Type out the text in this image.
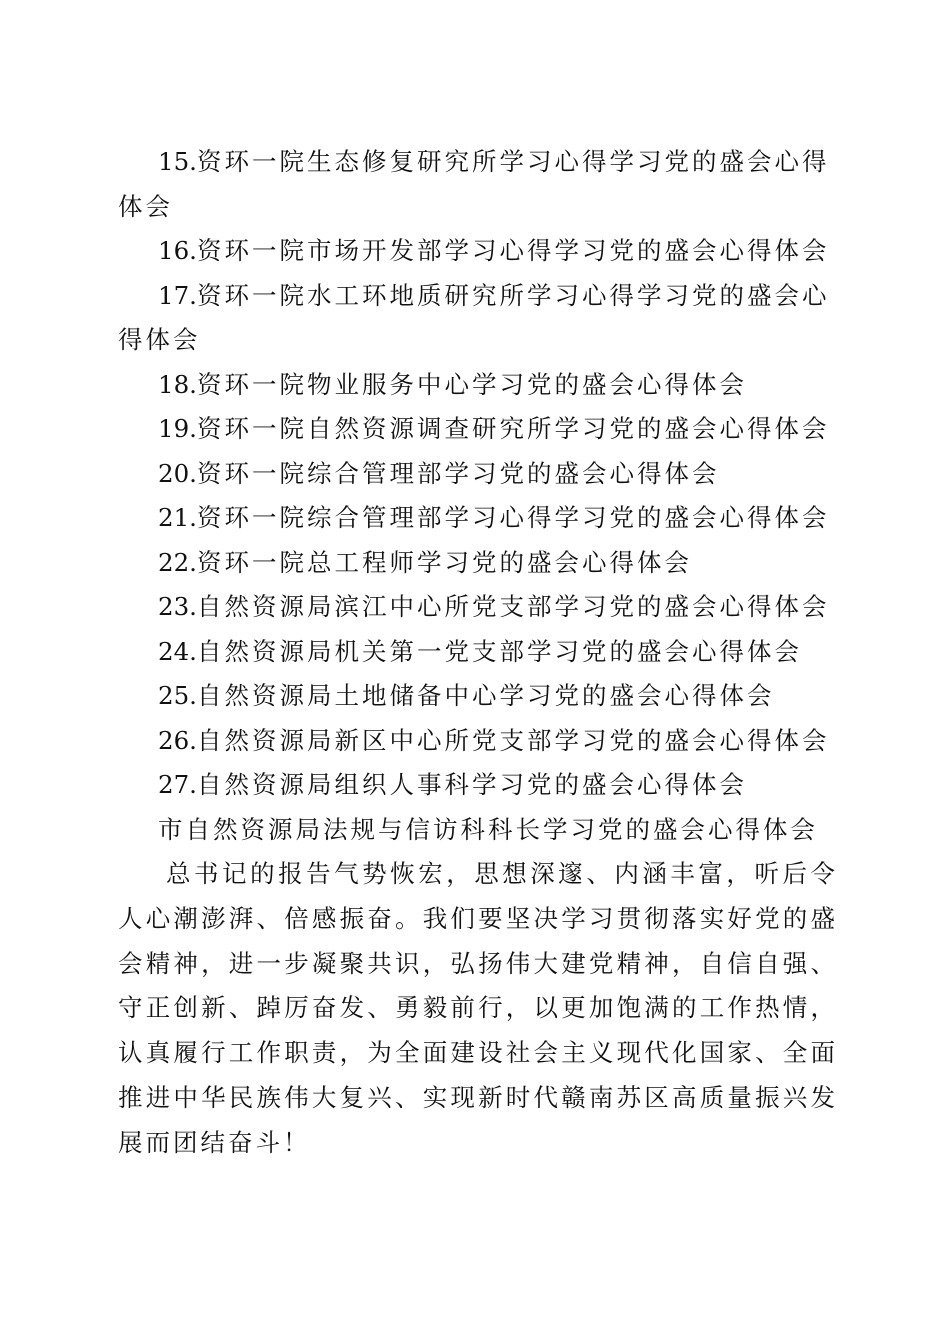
15.资环一院生态修复研究所学习心得学习党的盛会心得体会

16.资环一院市场开发部学习心得学习党的盛会心得体会

17.资环一院水工环地质研究所学习心得学习党的盛会心得体会

18.资环一院物业服务中心学习党的盛会心得体会

19.资环一院自然资源调查研究所学习党的盛会心得体会

20.资环一院综合管理部学习党的盛会心得体会

21.资环一院综合管理部学习心得学习党的盛会心得体会

22.资环一院总工程师学习党的盛会心得体会

23.自然资源局滨江中心所党支部学习党的盛会心得体会

24.自然资源局机关第一党支部学习党的盛会心得体会

25.自然资源局土地储备中心学习党的盛会心得体会

26.自然资源局新区中心所党支部学习党的盛会心得体会

27.自然资源局组织人事科学习党的盛会心得体会

市自然资源局法规与信访科科长学习党的盛会心得体会

总书记的报告气势恢宏，思想深邃、内涵丰富，听后令人心潮澎湃、倍感振奋。我们要坚决学习贯彻落实好党的盛会精神，进一步凝聚共识，弘扬伟大建党精神，自信自强、守正创新、踔厉奋发、勇毅前行，以更加饱满的工作热情，认真履行工作职责，为全面建设社会主义现代化国家、全面推进中华民族伟大复兴、实现新时代赣南苏区高质量振兴发展而团结奋斗！
